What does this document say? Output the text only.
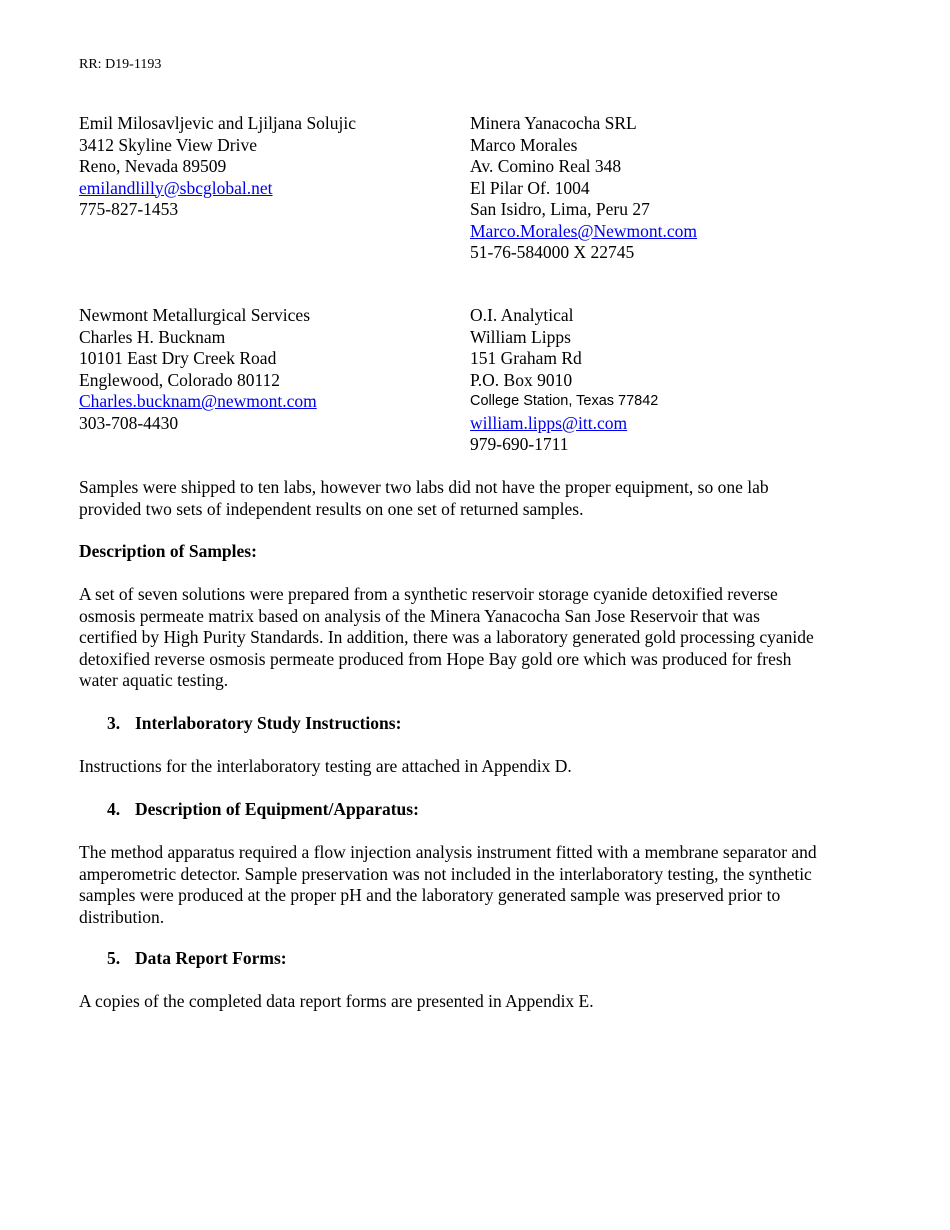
RR: D19-1193
Emil Milosavljevic and Ljiljana Solujic
3412 Skyline View Drive
Reno, Nevada 89509
emilandlilly@sbcglobal.net
775-827-1453
Minera Yanacocha SRL
Marco Morales
Av. Comino Real 348
El Pilar Of. 1004
San Isidro, Lima, Peru 27
Marco.Morales@Newmont.com
51-76-584000 X 22745
Newmont Metallurgical Services
Charles H. Bucknam
10101 East Dry Creek Road
Englewood, Colorado 80112
Charles.bucknam@newmont.com
303-708-4430
O.I. Analytical
William Lipps
151 Graham Rd
P.O. Box 9010
College Station, Texas 77842
william.lipps@itt.com
979-690-1711
Samples were shipped to ten labs, however two labs did not have the proper equipment, so one lab
provided two sets of independent results on one set of returned samples.
Description of Samples:
A set of seven solutions were prepared from a synthetic reservoir storage cyanide detoxified reverse
osmosis permeate matrix based on analysis of the Minera Yanacocha San Jose Reservoir that was
certified by High Purity Standards. In addition, there was a laboratory generated gold processing cyanide
detoxified reverse osmosis permeate produced from Hope Bay gold ore which was produced for fresh
water aquatic testing.
3. Interlaboratory Study Instructions:
Instructions for the interlaboratory testing are attached in Appendix D.
4. Description of Equipment/Apparatus:
The method apparatus required a flow injection analysis instrument fitted with a membrane separator and
amperometric detector. Sample preservation was not included in the interlaboratory testing, the synthetic
samples were produced at the proper pH and the laboratory generated sample was preserved prior to
distribution.
5. Data Report Forms:
A copies of the completed data report forms are presented in Appendix E.
